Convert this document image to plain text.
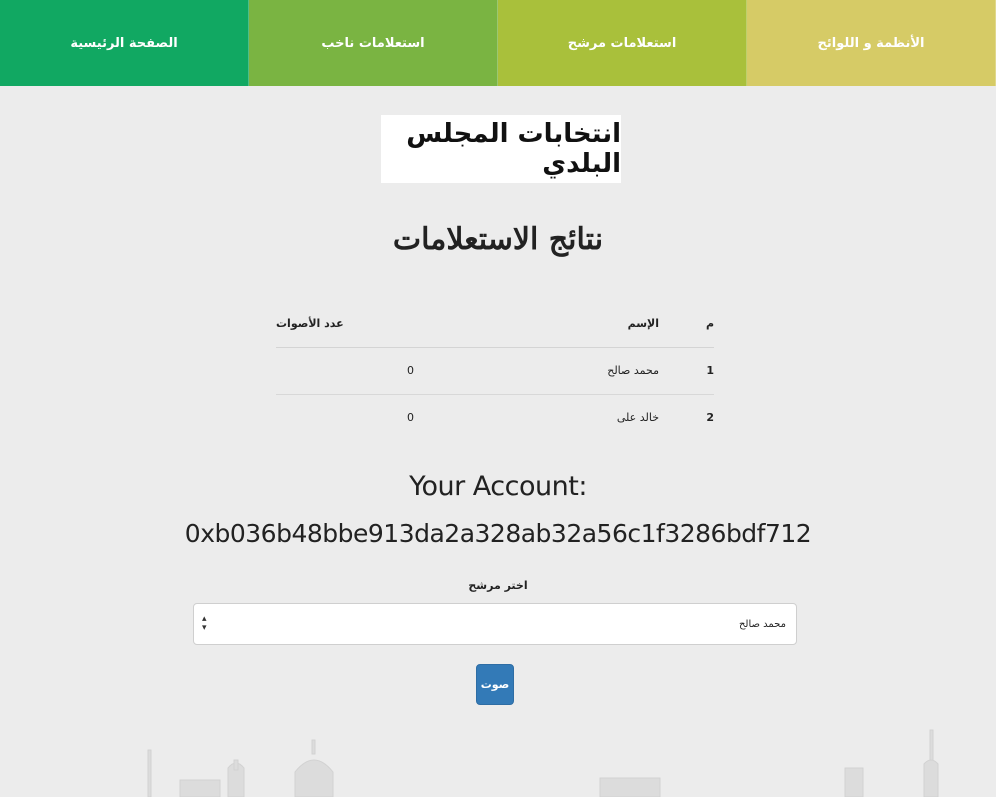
الصفحة الرئيسية	استعلامات ناخب	استعلامات مرشح	الأنظمة و اللوائح
انتخابات المجلس البلدي
نتائج الاستعلامات
م	الإسم	عدد الأصوات
1	محمد صالح	0
2	خالد على	0
Your Account:
0xb036b48bbe913da2a328ab32a56c1f3286bdf712
اختر مرشح
محمد صالح
▴
▾
صوت
